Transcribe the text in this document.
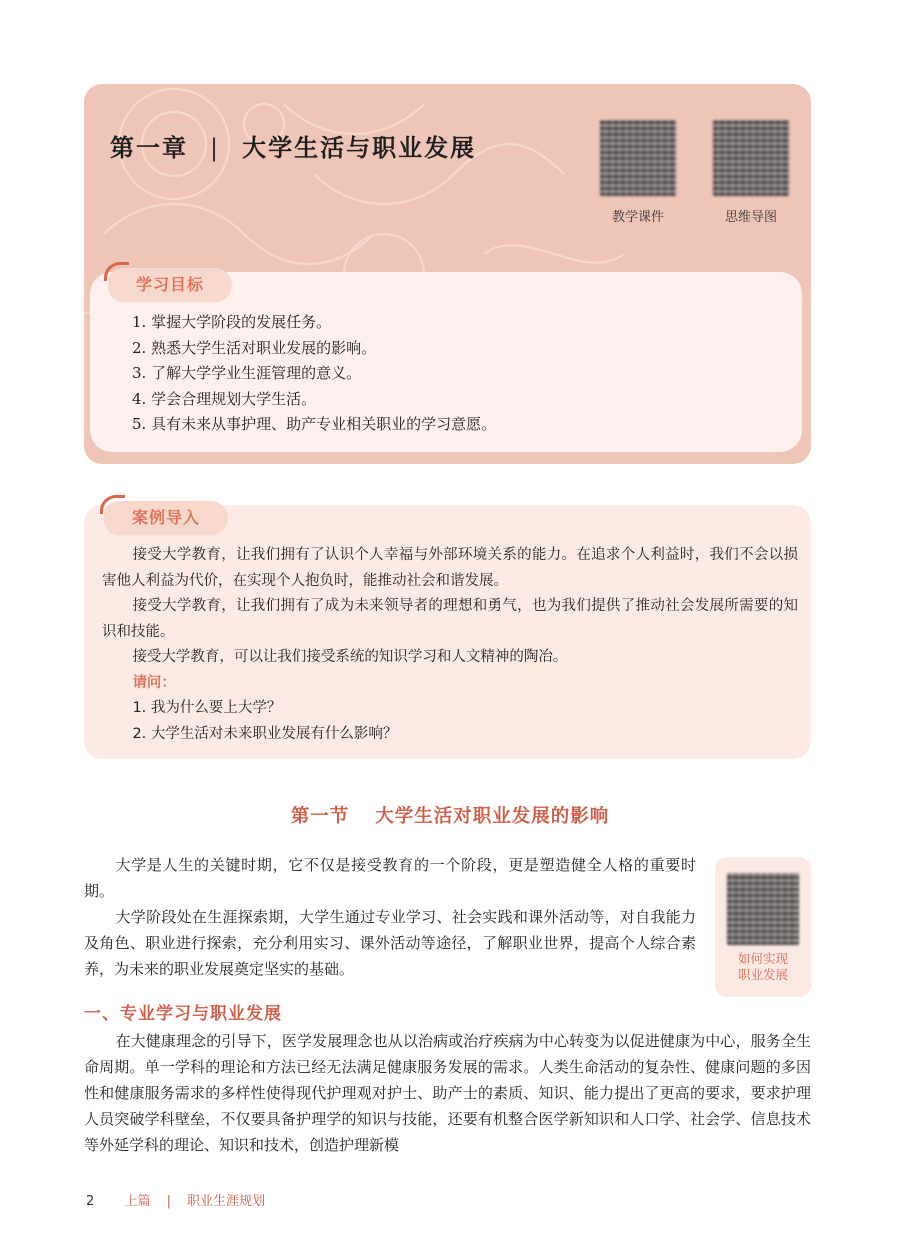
第一章 | 大学生活与职业发展
教学课件	思维导图
学习目标
1. 掌握大学阶段的发展任务。
2. 熟悉大学生活对职业发展的影响。
3. 了解大学学业生涯管理的意义。
4. 学会合理规划大学生活。
5. 具有未来从事护理、助产专业相关职业的学习意愿。
案例导入

接受大学教育，让我们拥有了认识个人幸福与外部环境关系的能力。在追求个人利益时，我们不会以损害他人利益为代价，在实现个人抱负时，能推动社会和谐发展。

接受大学教育，让我们拥有了成为未来领导者的理想和勇气，也为我们提供了推动社会发展所需要的知识和技能。

接受大学教育，可以让我们接受系统的知识学习和人文精神的陶冶。

请问：

1. 我为什么要上大学？

2. 大学生活对未来职业发展有什么影响？

第一节 大学生活对职业发展的影响

大学是人生的关键时期，它不仅是接受教育的一个阶段，更是塑造健全人格的重要时期。

大学阶段处在生涯探索期，大学生通过专业学习、社会实践和课外活动等，对自我能力及角色、职业进行探索，充分利用实习、课外活动等途径，了解职业世界，提高个人综合素养，为未来的职业发展奠定坚实的基础。

如何实现
职业发展
一、专业学习与职业发展

在大健康理念的引导下，医学发展理念也从以治病或治疗疾病为中心转变为以促进健康为中心，服务全生命周期。单一学科的理论和方法已经无法满足健康服务发展的需求。人类生命活动的复杂性、健康问题的多因性和健康服务需求的多样性使得现代护理观对护士、助产士的素质、知识、能力提出了更高的要求，要求护理人员突破学科壁垒，不仅要具备护理学的知识与技能，还要有机整合医学新知识和人口学、社会学、信息技术等外延学科的理论、知识和技术，创造护理新模

2 上篇 | 职业生涯规划
